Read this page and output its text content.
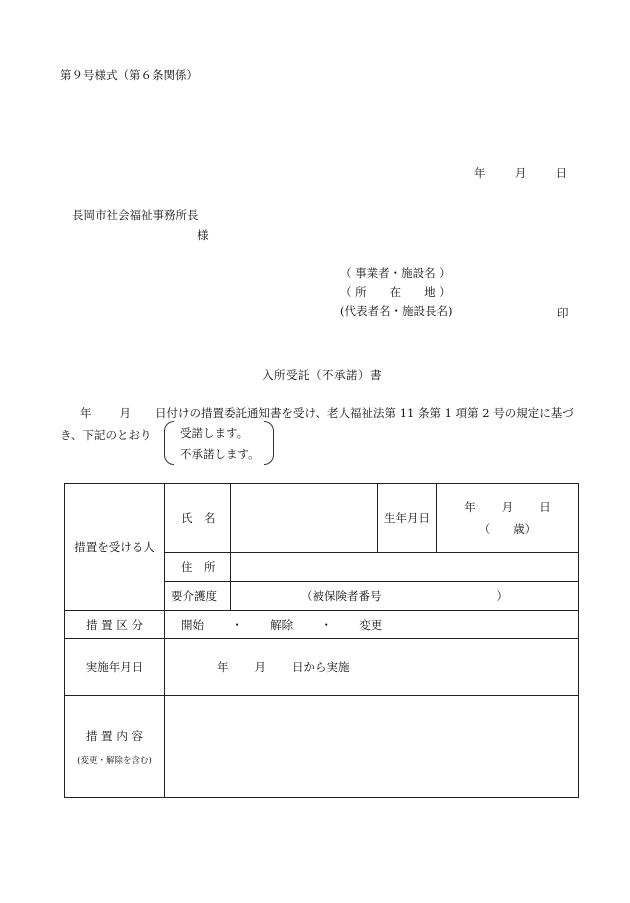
第９号様式（第６条関係）
年	月	日
長岡市社会福祉事務所長
様
（ 事業者・施設名 ）
（ 所　　在　　地 ）
(代表者名・施設長名)	印
入所受託（不承諾）書
年 月 日付けの措置委託通知書を受け、老人福祉法第 11 条第 1 項第 2 号の規定に基づ
き、下記のとおり 受諾します。
不承諾します。
措置を受ける人	氏　名		生年月日	年 月 日
（　　歳）

	住　所			
	要介護度	（被保険者番号　　　　　　　　　　）		
措 置 区 分	開始 ・ 解除 ・ 変更			
実施年月日	年 月 日から実施			
措 置 内 容
(変更・解除を含む)				
